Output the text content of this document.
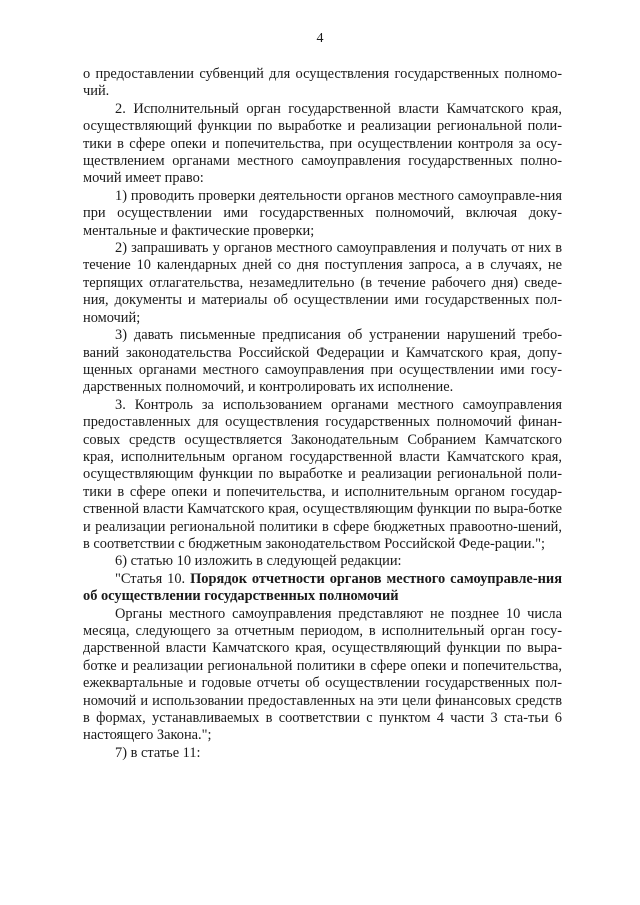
4

о предоставлении субвенций для осуществления государственных полномо-чий.

2. Исполнительный орган государственной власти Камчатского края, осуществляющий функции по выработке и реализации региональной поли-тики в сфере опеки и попечительства, при осуществлении контроля за осу-ществлением органами местного самоуправления государственных полно-мочий имеет право:

1) проводить проверки деятельности органов местного самоуправле-ния при осуществлении ими государственных полномочий, включая доку-ментальные и фактические проверки;

2) запрашивать у органов местного самоуправления и получать от них в течение 10 календарных дней со дня поступления запроса, а в случаях, не терпящих отлагательства, незамедлительно (в течение рабочего дня) сведе-ния, документы и материалы об осуществлении ими государственных пол-номочий;

3) давать письменные предписания об устранении нарушений требо-ваний законодательства Российской Федерации и Камчатского края, допу-щенных органами местного самоуправления при осуществлении ими госу-дарственных полномочий, и контролировать их исполнение.

3. Контроль за использованием органами местного самоуправления предоставленных для осуществления государственных полномочий финан-совых средств осуществляется Законодательным Собранием Камчатского края, исполнительным органом государственной власти Камчатского края, осуществляющим функции по выработке и реализации региональной поли-тики в сфере опеки и попечительства, и исполнительным органом государ-ственной власти Камчатского края, осуществляющим функции по выра-ботке и реализации региональной политики в сфере бюджетных правоотно-шений, в соответствии с бюджетным законодательством Российской Феде-рации.";

6) статью 10 изложить в следующей редакции:

"Статья 10. Порядок отчетности органов местного самоуправле-ния об осуществлении государственных полномочий

Органы местного самоуправления представляют не позднее 10 числа месяца, следующего за отчетным периодом, в исполнительный орган госу-дарственной власти Камчатского края, осуществляющий функции по выра-ботке и реализации региональной политики в сфере опеки и попечительства, ежеквартальные и годовые отчеты об осуществлении государственных пол-номочий и использовании предоставленных на эти цели финансовых средств в формах, устанавливаемых в соответствии с пунктом 4 части 3 ста-тьи 6 настоящего Закона.";

7) в статье 11:
